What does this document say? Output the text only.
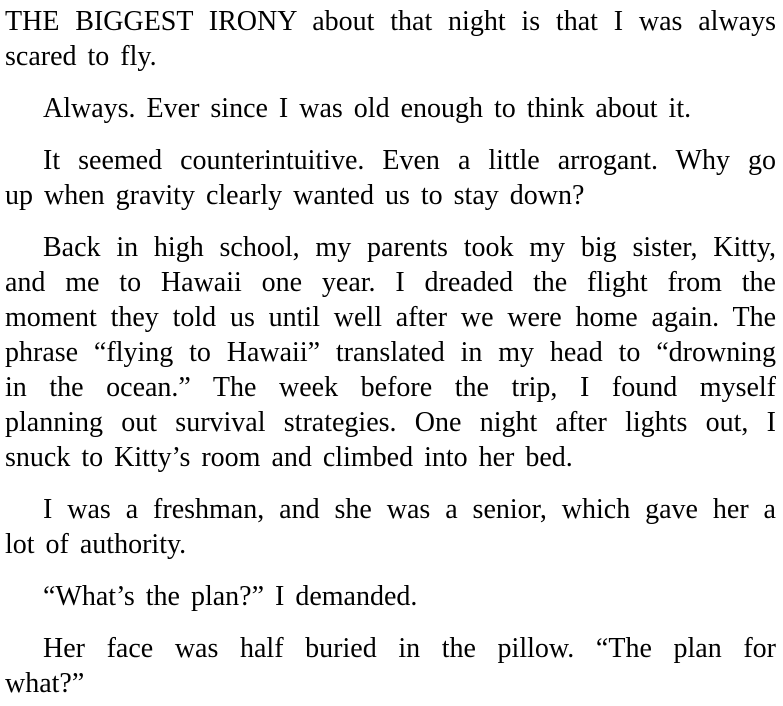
THE BIGGEST IRONY about that night is that I was always
scared to fly.

Always. Ever since I was old enough to think about it.

It seemed counterintuitive. Even a little arrogant. Why go
up when gravity clearly wanted us to stay down?

Back in high school, my parents took my big sister, Kitty,
and me to Hawaii one year. I dreaded the flight from the
moment they told us until well after we were home again. The
phrase “flying to Hawaii” translated in my head to “drowning
in the ocean.” The week before the trip, I found myself
planning out survival strategies. One night after lights out, I
snuck to Kitty’s room and climbed into her bed.

I was a freshman, and she was a senior, which gave her a
lot of authority.

“What’s the plan?” I demanded.

Her face was half buried in the pillow. “The plan for
what?”
